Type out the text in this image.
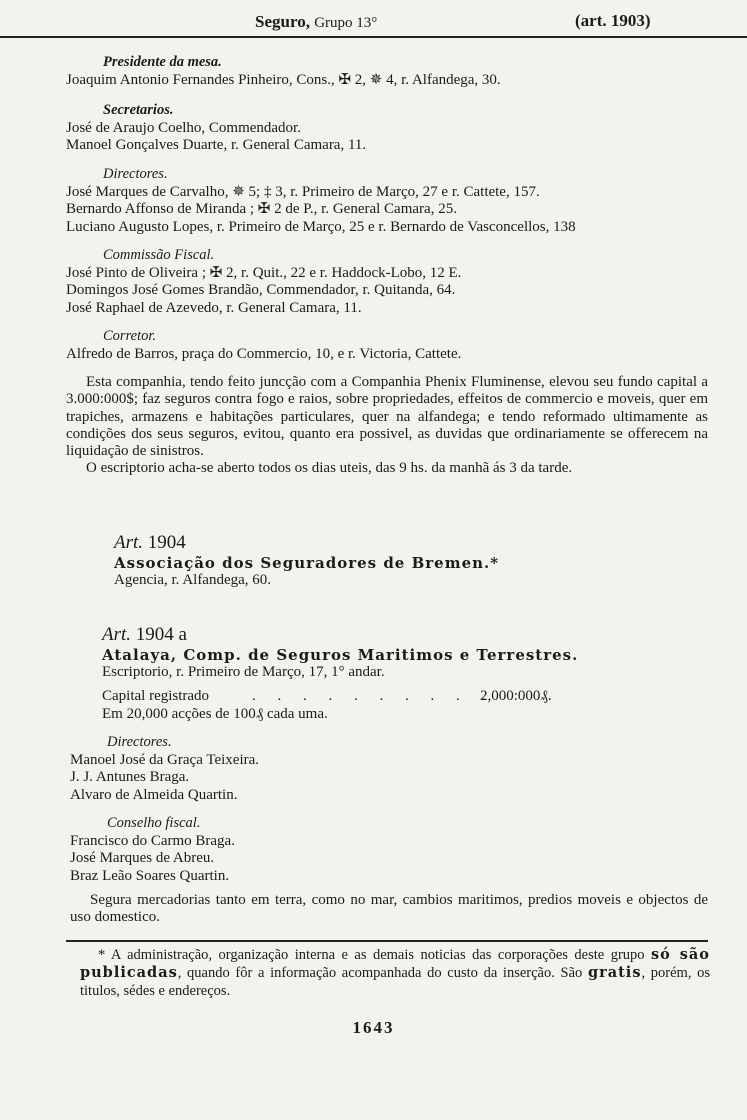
Seguro, Grupo 13°	(art. 1903)
Presidente da mesa.
Joaquim Antonio Fernandes Pinheiro, Cons., ✠ 2, ✵ 4, r. Alfandega, 30.
Secretarios.
José de Araujo Coelho, Commendador.
Manoel Gonçalves Duarte, r. General Camara, 11.
Directores.
José Marques de Carvalho, ✵ 5; ‡ 3, r. Primeiro de Março, 27 e r. Cattete, 157.
Bernardo Affonso de Miranda ; ✠ 2 de P., r. General Camara, 25.
Luciano Augusto Lopes, r. Primeiro de Março, 25 e r. Bernardo de Vasconcellos, 138
Commissão Fiscal.
José Pinto de Oliveira ; ✠ 2, r. Quit., 22 e r. Haddock-Lobo, 12 E.
Domingos José Gomes Brandão, Commendador, r. Quitanda, 64.
José Raphael de Azevedo, r. General Camara, 11.
Corretor.
Alfredo de Barros, praça do Commercio, 10, e r. Victoria, Cattete.
Esta companhia, tendo feito juncção com a Companhia Phenix Fluminense, elevou seu fundo capital a 3.000:000$; faz seguros contra fogo e raios, sobre propriedades, effeitos de commercio e moveis, quer em trapiches, armazens e habitações particulares, quer na alfandega; e tendo reformado ultimamente as condições dos seus seguros, evitou, quanto era possivel, as duvidas que ordinariamente se offerecem na liquidação de sinistros.
O escriptorio acha-se aberto todos os dias uteis, das 9 hs. da manhã ás 3 da tarde.
Art. 1904
Associação dos Seguradores de Bremen.*
Agencia, r. Alfandega, 60.
Art. 1904 a
Atalaya, Comp. de Seguros Maritimos e Terrestres.
Escriptorio, r. Primeiro de Março, 17, 1° andar.
Capital registrado	. . . . . . . . . .
2,000:000₰.
Em 20,000 acções de 100₰ cada uma.
Directores.
Manoel José da Graça Teixeira.
J. J. Antunes Braga.
Alvaro de Almeida Quartin.
Conselho fiscal.
Francisco do Carmo Braga.
José Marques de Abreu.
Braz Leão Soares Quartin.
Segura mercadorias tanto em terra, como no mar, cambios maritimos, predios moveis e objectos de uso domestico.
* A administração, organização interna e as demais noticias das corporações deste grupo só são publicadas, quando fôr a informação acompanhada do custo da inserção. São gratis, porém, os titulos, sédes e endereços.
1643
